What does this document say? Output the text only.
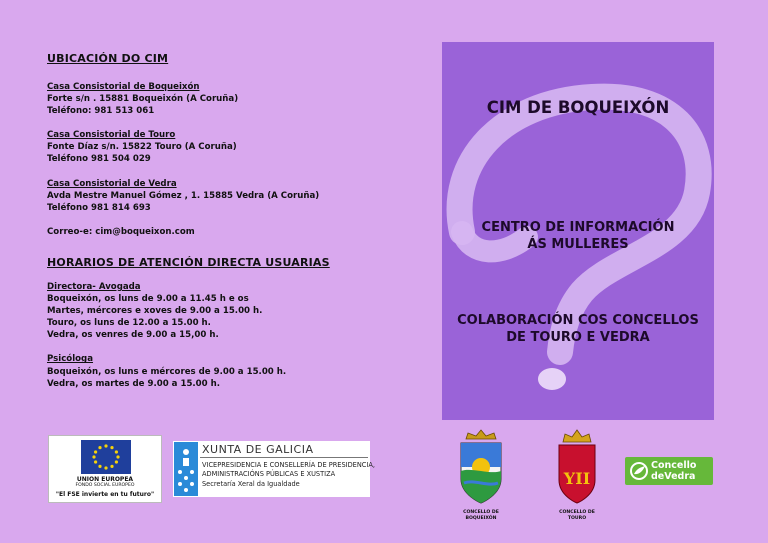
UBICACIÓN DO CIM
Casa Consistorial de Boqueixón
Forte s/n . 15881 Boqueixón (A Coruña)
Teléfono: 981 513 061
Casa Consistorial de Touro
Fonte Díaz s/n. 15822 Touro (A Coruña)
Teléfono 981 504 029
Casa Consistorial de Vedra
Avda Mestre Manuel Gómez , 1. 15885 Vedra (A Coruña)
Teléfono 981 814 693
Correo-e: cim@boqueixon.com
HORARIOS DE ATENCIÓN DIRECTA USUARIAS
Directora- Avogada
Boqueixón, os luns de 9.00 a 11.45 h e os
Martes, mércores e xoves de 9.00 a 15.00 h.
Touro, os luns de 12.00 a 15.00 h.
Vedra, os venres de 9.00 a 15,00 h.
Psicóloga
Boqueixón, os luns e mércores de 9.00 a 15.00 h.
Vedra, os martes de 9.00 a 15.00 h.
CIM DE BOQUEIXÓN
CENTRO DE INFORMACIÓN
ÁS MULLERES
COLABORACIÓN COS CONCELLOS
DE TOURO E VEDRA
UNION EUROPEA
FONDO SOCIAL EUROPEO
"El FSE invierte en tu futuro"
XUNTA DE GALICIA
VICEPRESIDENCIA E CONSELLERÍA DE PRESIDENCIA,
ADMINISTRACIÓNS PÚBLICAS E XUSTIZA
Secretaría Xeral da Igualdade
CONCELLO DE
BOQUEIXÓN
YII
CONCELLO DE
TOURO
Concello
deVedra
